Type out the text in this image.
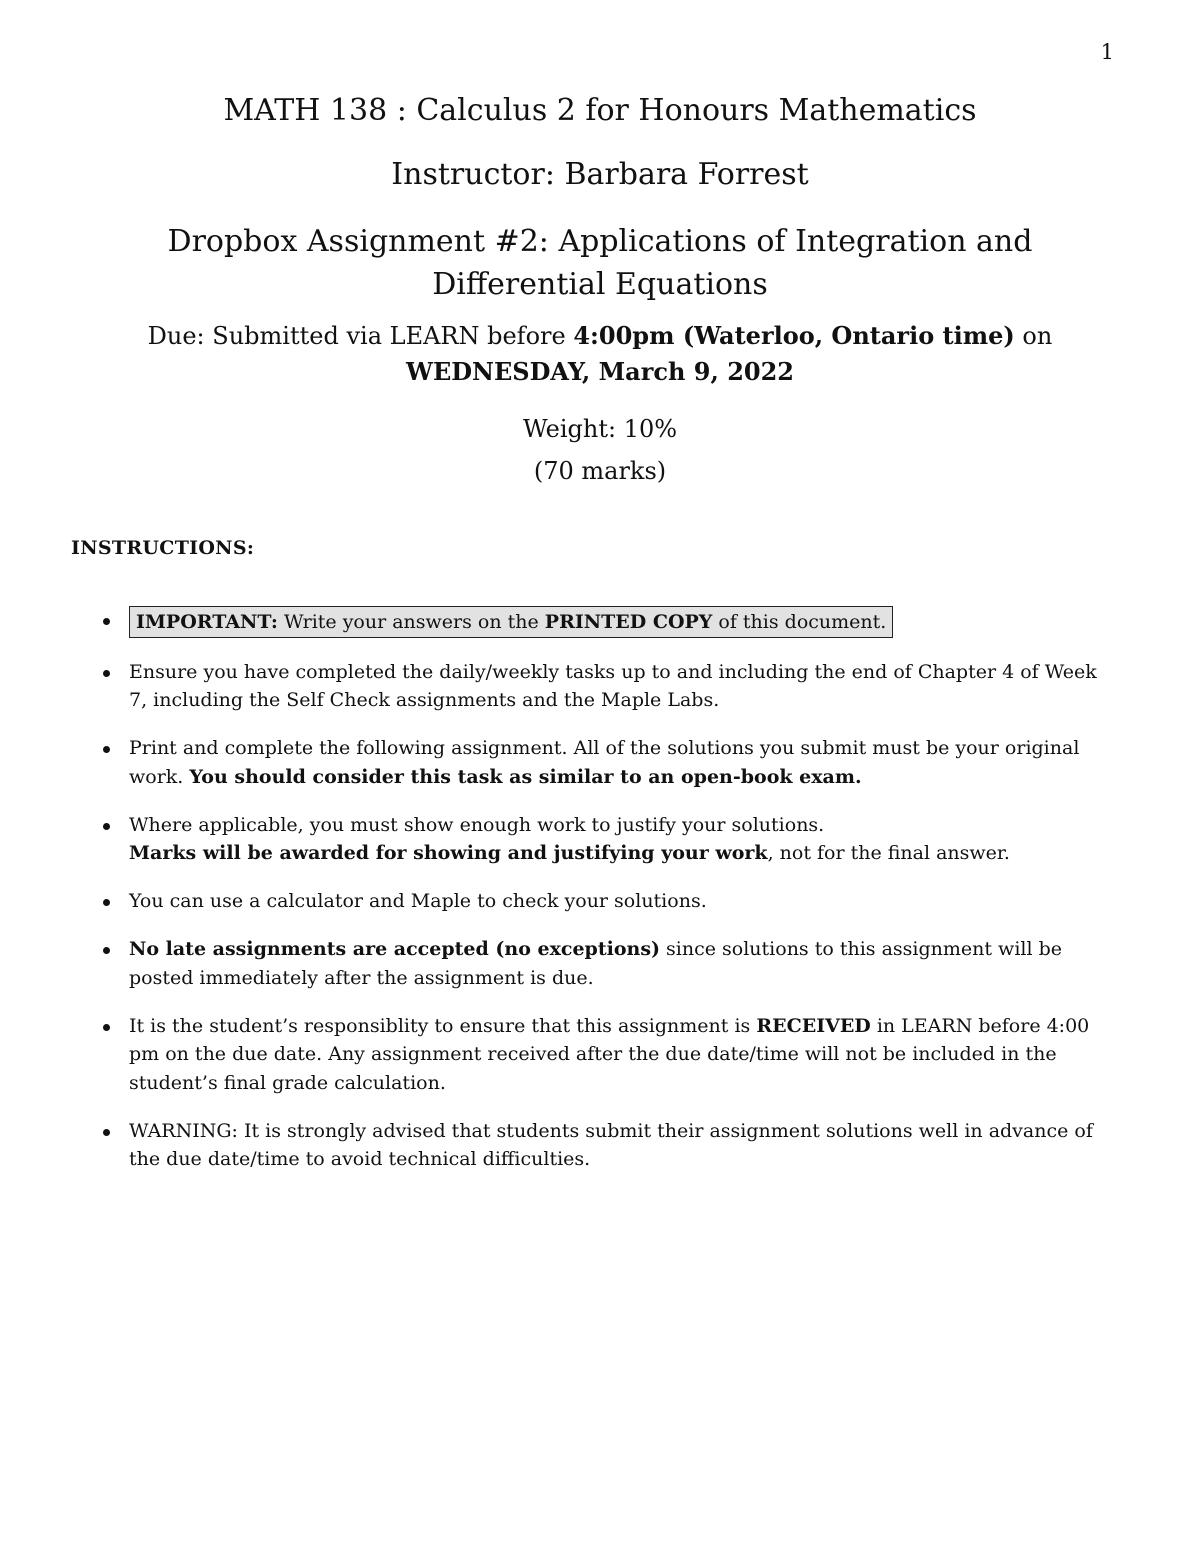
1
MATH 138 : Calculus 2 for Honours Mathematics
Instructor: Barbara Forrest
Dropbox Assignment #2: Applications of Integration and
Differential Equations
Due: Submitted via LEARN before 4:00pm (Waterloo, Ontario time) on
WEDNESDAY, March 9, 2022
Weight: 10%
(70 marks)
INSTRUCTIONS:
IMPORTANT: Write your answers on the PRINTED COPY of this document.
Ensure you have completed the daily/weekly tasks up to and including the end of Chapter 4 of Week 7, including the Self Check assignments and the Maple Labs.
Print and complete the following assignment. All of the solutions you submit must be your original work. You should consider this task as similar to an open-book exam.
Where applicable, you must show enough work to justify your solutions.
Marks will be awarded for showing and justifying your work, not for the final answer.
You can use a calculator and Maple to check your solutions.
No late assignments are accepted (no exceptions) since solutions to this assignment will be posted immediately after the assignment is due.
It is the student’s responsiblity to ensure that this assignment is RECEIVED in LEARN before 4:00 pm on the due date. Any assignment received after the due date/time will not be included in the student’s final grade calculation.
WARNING: It is strongly advised that students submit their assignment solutions well in advance of the due date/time to avoid technical difficulties.
